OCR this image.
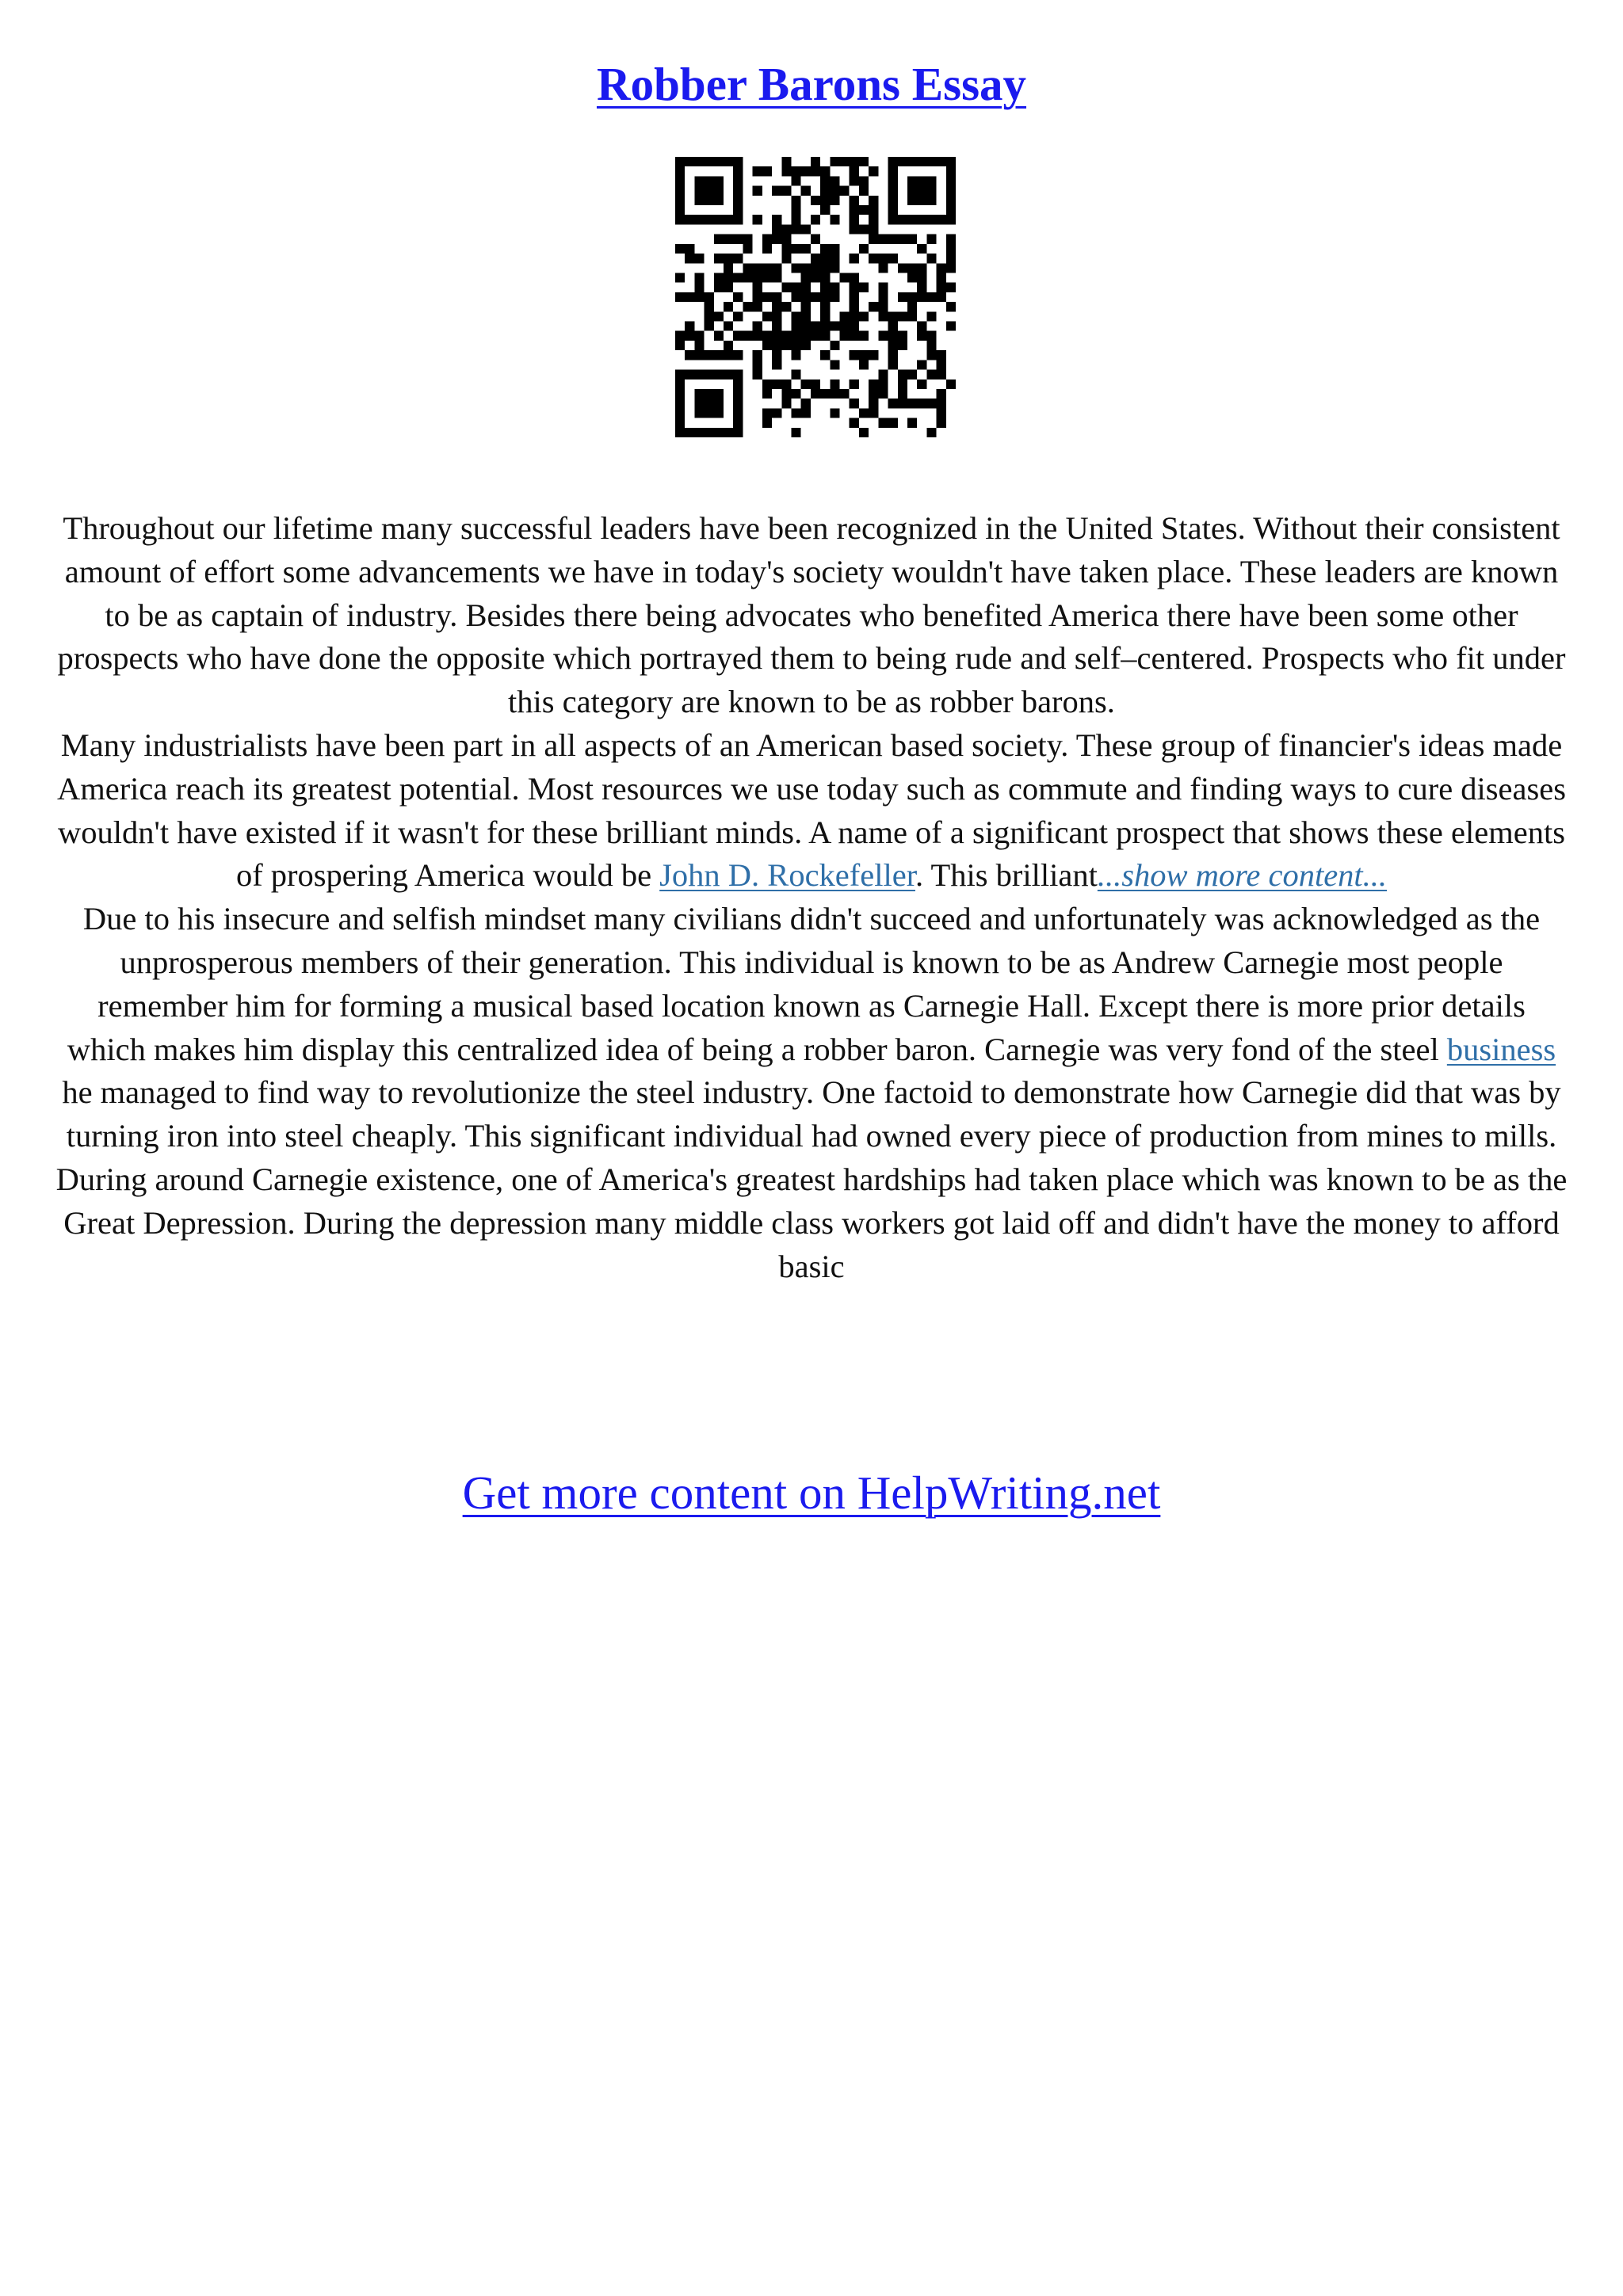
Robber Barons Essay

Throughout our lifetime many successful leaders have been recognized in the United States. Without their consistent amount of effort some advancements we have in today's society wouldn't have taken place. These leaders are known to be as captain of industry. Besides there being advocates who benefited America there have been some other prospects who have done the opposite which portrayed them to being rude and self–centered. Prospects who fit under this category are known to be as robber barons.

Many industrialists have been part in all aspects of an American based society. These group of financier's ideas made America reach its greatest potential. Most resources we use today such as commute and finding ways to cure diseases wouldn't have existed if it wasn't for these brilliant minds. A name of a significant prospect that shows these elements of prospering America would be John D. Rockefeller. This brilliant...show more content...

Due to his insecure and selfish mindset many civilians didn't succeed and unfortunately was acknowledged as the unprosperous members of their generation. This individual is known to be as Andrew Carnegie most people remember him for forming a musical based location known as Carnegie Hall. Except there is more prior details which makes him display this centralized idea of being a robber baron. Carnegie was very fond of the steel business he managed to find way to revolutionize the steel industry. One factoid to demonstrate how Carnegie did that was by turning iron into steel cheaply. This significant individual had owned every piece of production from mines to mills. During around Carnegie existence, one of America's greatest hardships had taken place which was known to be as the Great Depression. During the depression many middle class workers got laid off and didn't have the money to afford basic

Get more content on HelpWriting.net
